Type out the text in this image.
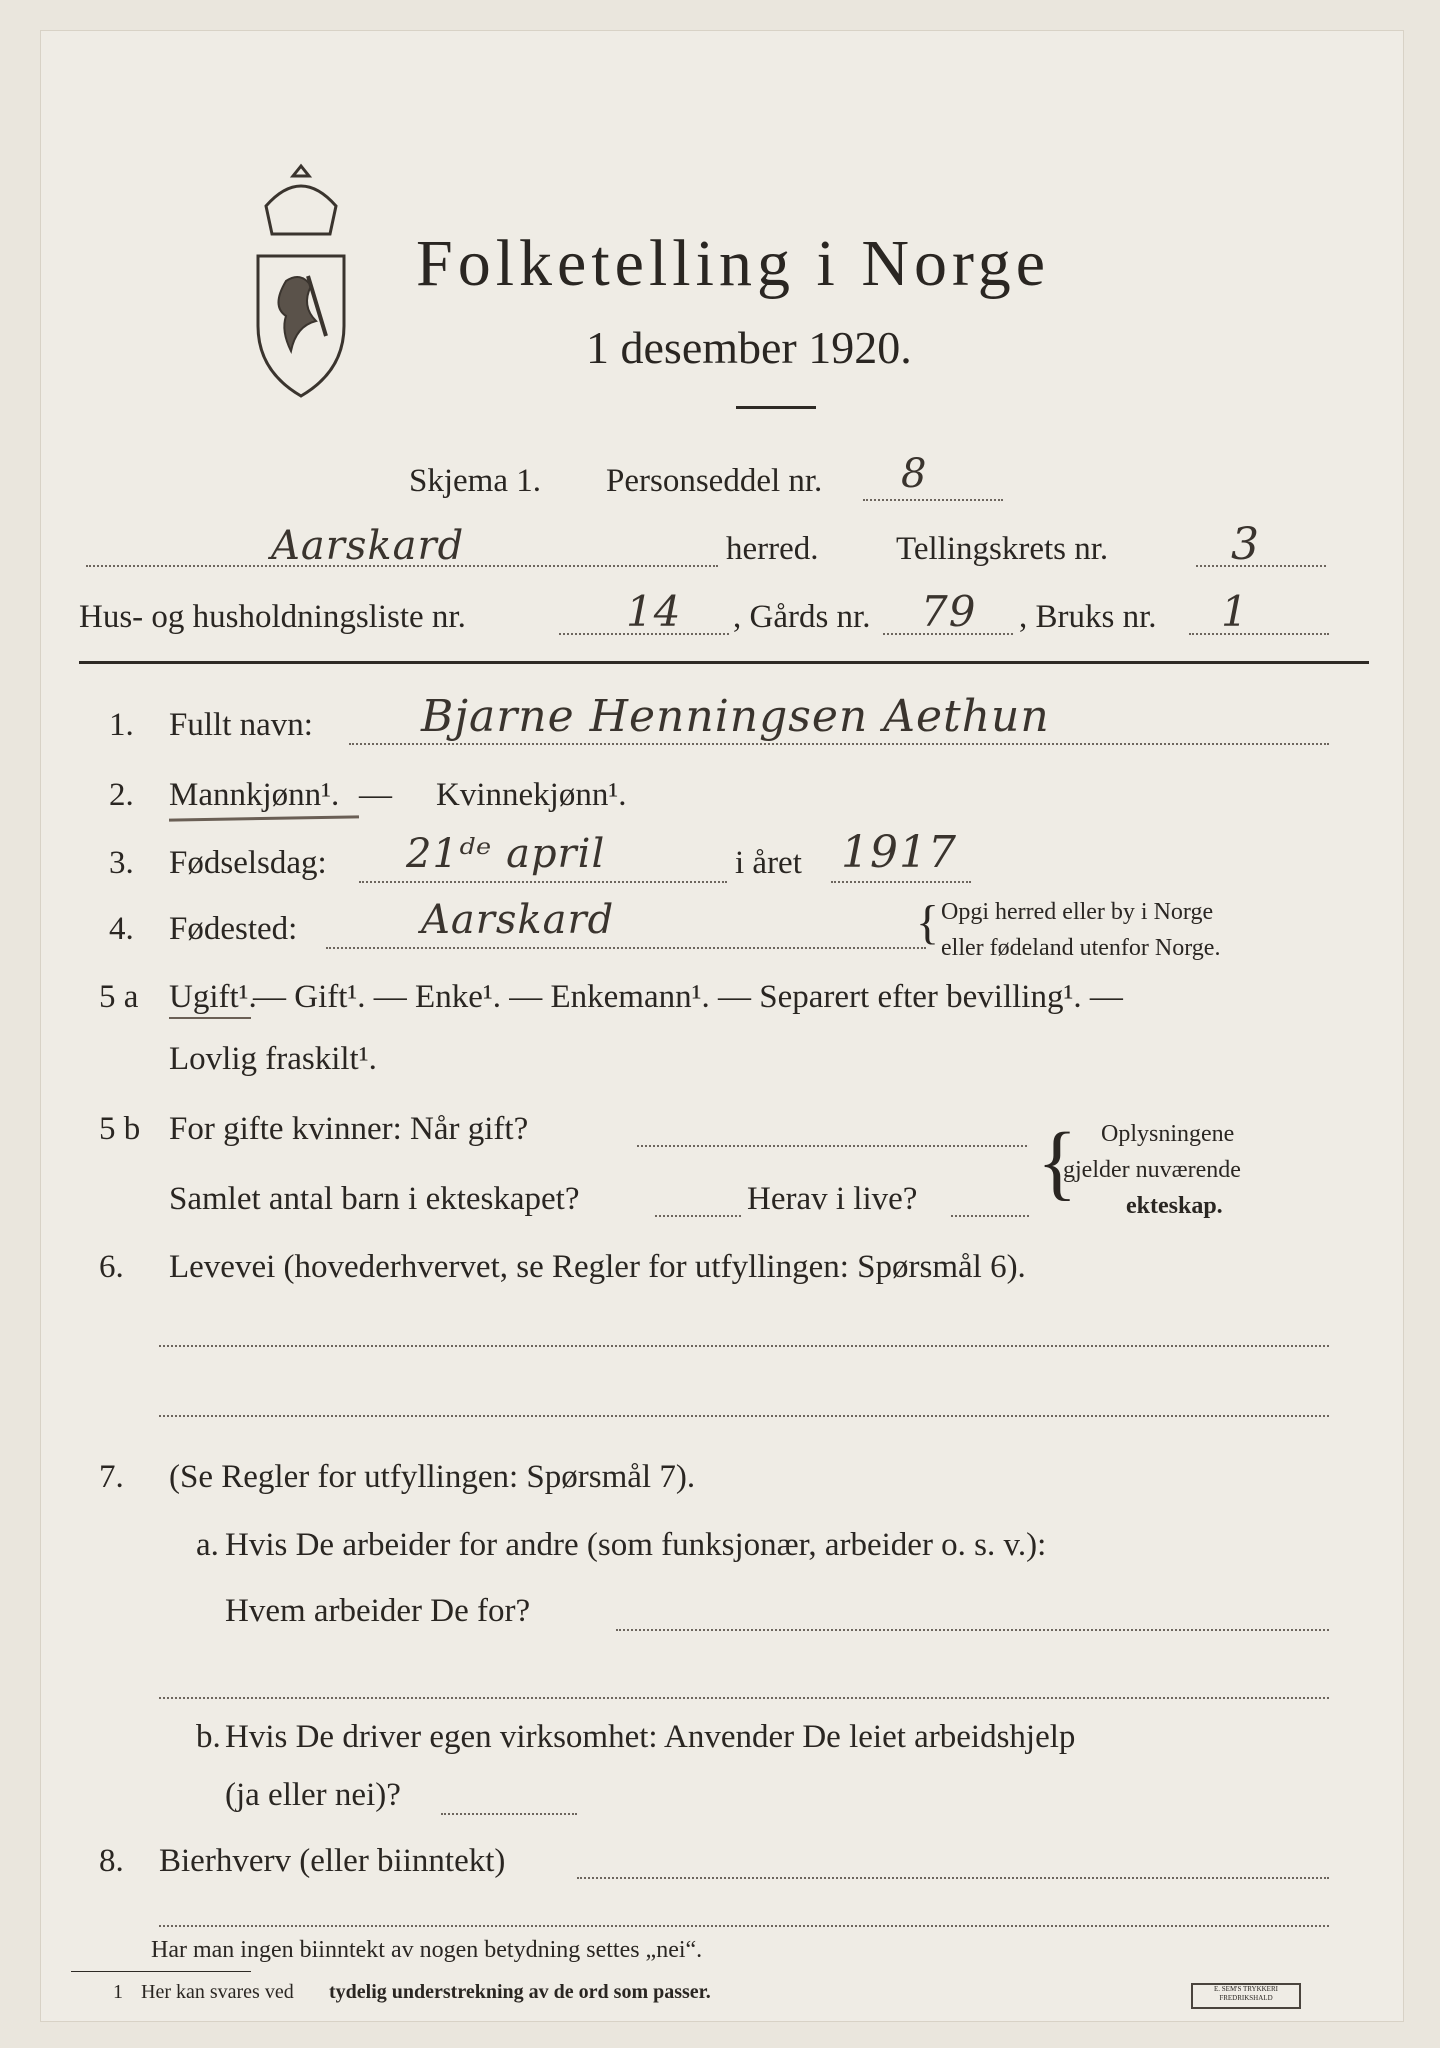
Folketelling i Norge
1 desember 1920.
Skjema 1. Personseddel nr. 8
Aarskard	herred. Tellingskrets nr.	3
Hus- og husholdningsliste nr.	14 , Gårds nr. 79 , Bruks nr. 1
1. Fullt navn: Bjarne Henningsen Aethun
2. Mannkjønn¹. — Kvinnekjønn¹.
3. Fødselsdag: 21ᵈᵉ april	i året 1917
4. Fødested:	Aarskard	{ Opgi herred eller by i Norge
eller fødeland utenfor Norge.
5 a Ugift¹.
— Gift¹. — Enke¹. — Enkemann¹. — Separert efter bevilling¹. —
Lovlig fraskilt¹.
5 b For gifte kvinner: Når gift?
Samlet antal barn i ekteskapet?	Herav i live? { Oplysningene
gjelder nuværende
ekteskap.
6. Levevei (hovederhvervet, se Regler for utfyllingen: Spørsmål 6).
7. (Se Regler for utfyllingen: Spørsmål 7).
a. Hvis De arbeider for andre (som funksjonær, arbeider o. s. v.):
Hvem arbeider De for?
b. Hvis De driver egen virksomhet: Anvender De leiet arbeidshjelp
(ja eller nei)?
8. Bierhverv (eller biinntekt)
Har man ingen biinntekt av nogen betydning settes „nei“.
1 Her kan svares ved tydelig understrekning av de ord som passer.	E. SEM'S TRYKKERI FREDRIKSHALD
